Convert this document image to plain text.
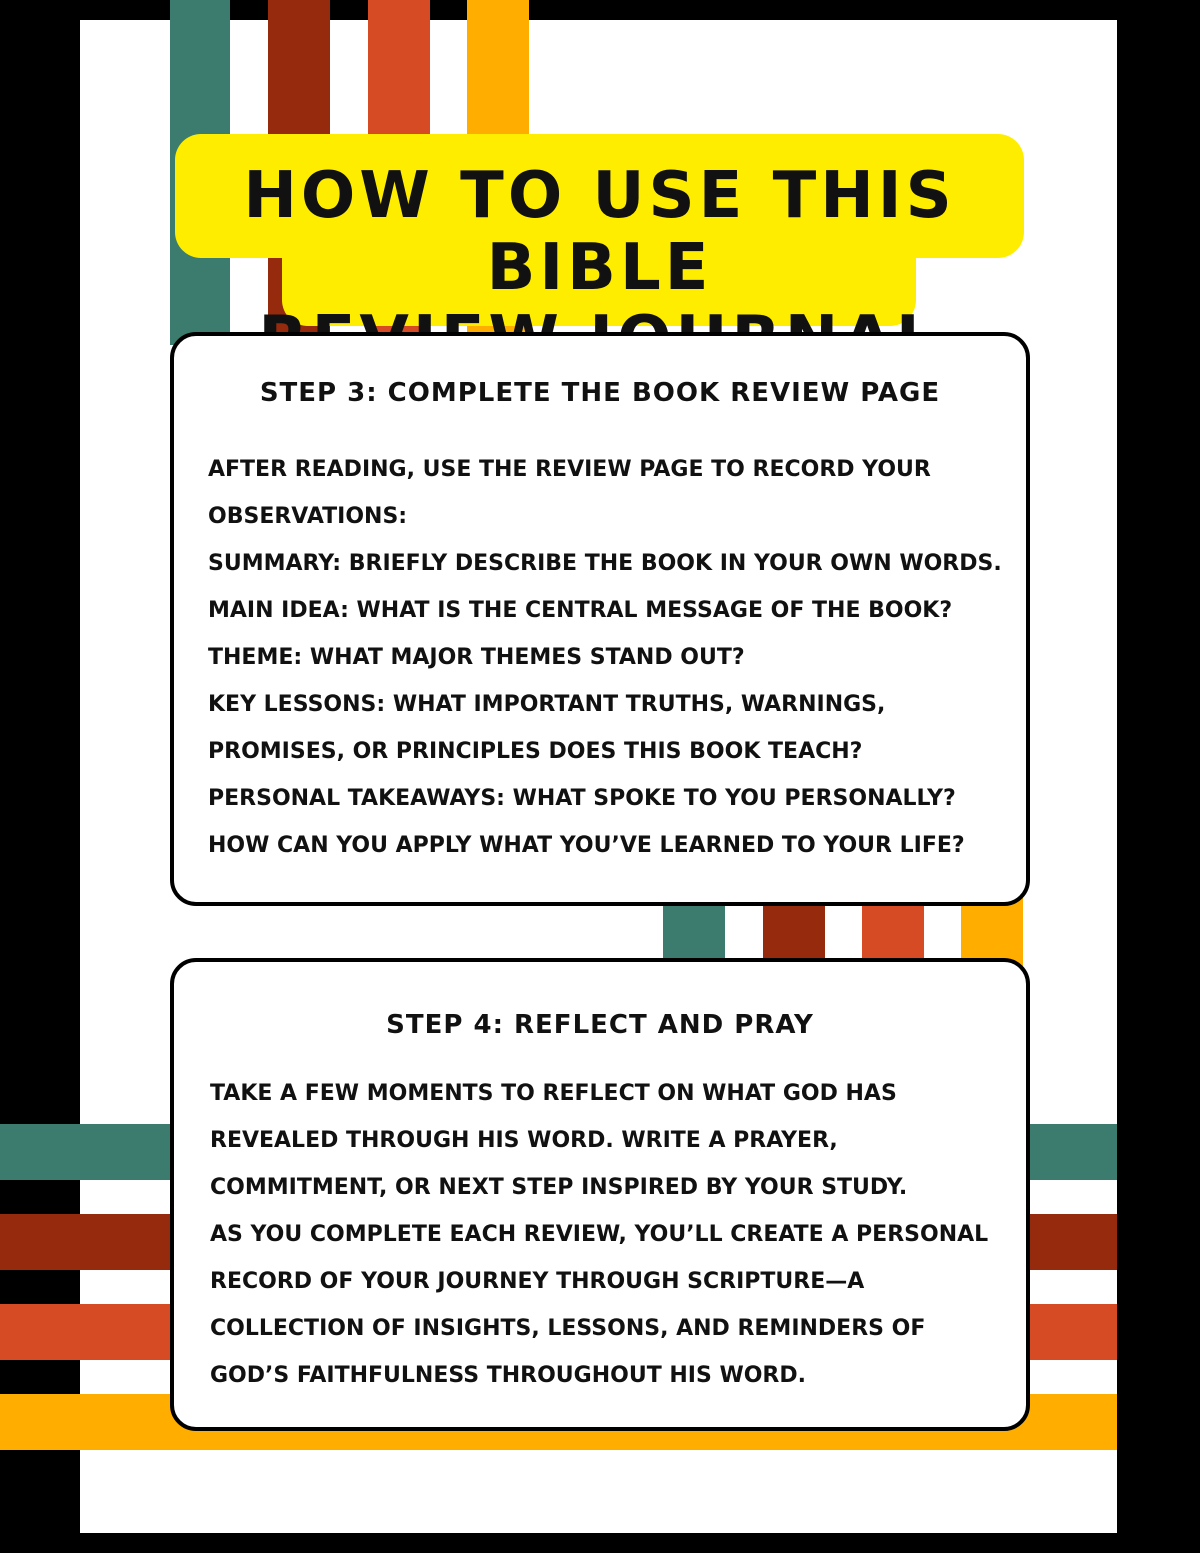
HOW TO USE THIS BIBLE
STEP 3: COMPLETE THE BOOK REVIEW PAGE
AFTER READING, USE THE REVIEW PAGE TO RECORD YOUR
OBSERVATIONS:
SUMMARY: BRIEFLY DESCRIBE THE BOOK IN YOUR OWN WORDS.
MAIN IDEA: WHAT IS THE CENTRAL MESSAGE OF THE BOOK?
THEME: WHAT MAJOR THEMES STAND OUT?
KEY LESSONS: WHAT IMPORTANT TRUTHS, WARNINGS,
PROMISES, OR PRINCIPLES DOES THIS BOOK TEACH?
PERSONAL TAKEAWAYS: WHAT SPOKE TO YOU PERSONALLY?
HOW CAN YOU APPLY WHAT YOU’VE LEARNED TO YOUR LIFE?
STEP 4: REFLECT AND PRAY
TAKE A FEW MOMENTS TO REFLECT ON WHAT GOD HAS
REVEALED THROUGH HIS WORD. WRITE A PRAYER,
COMMITMENT, OR NEXT STEP INSPIRED BY YOUR STUDY.
AS YOU COMPLETE EACH REVIEW, YOU’LL CREATE A PERSONAL
RECORD OF YOUR JOURNEY THROUGH SCRIPTURE—A
COLLECTION OF INSIGHTS, LESSONS, AND REMINDERS OF
GOD’S FAITHFULNESS THROUGHOUT HIS WORD.
